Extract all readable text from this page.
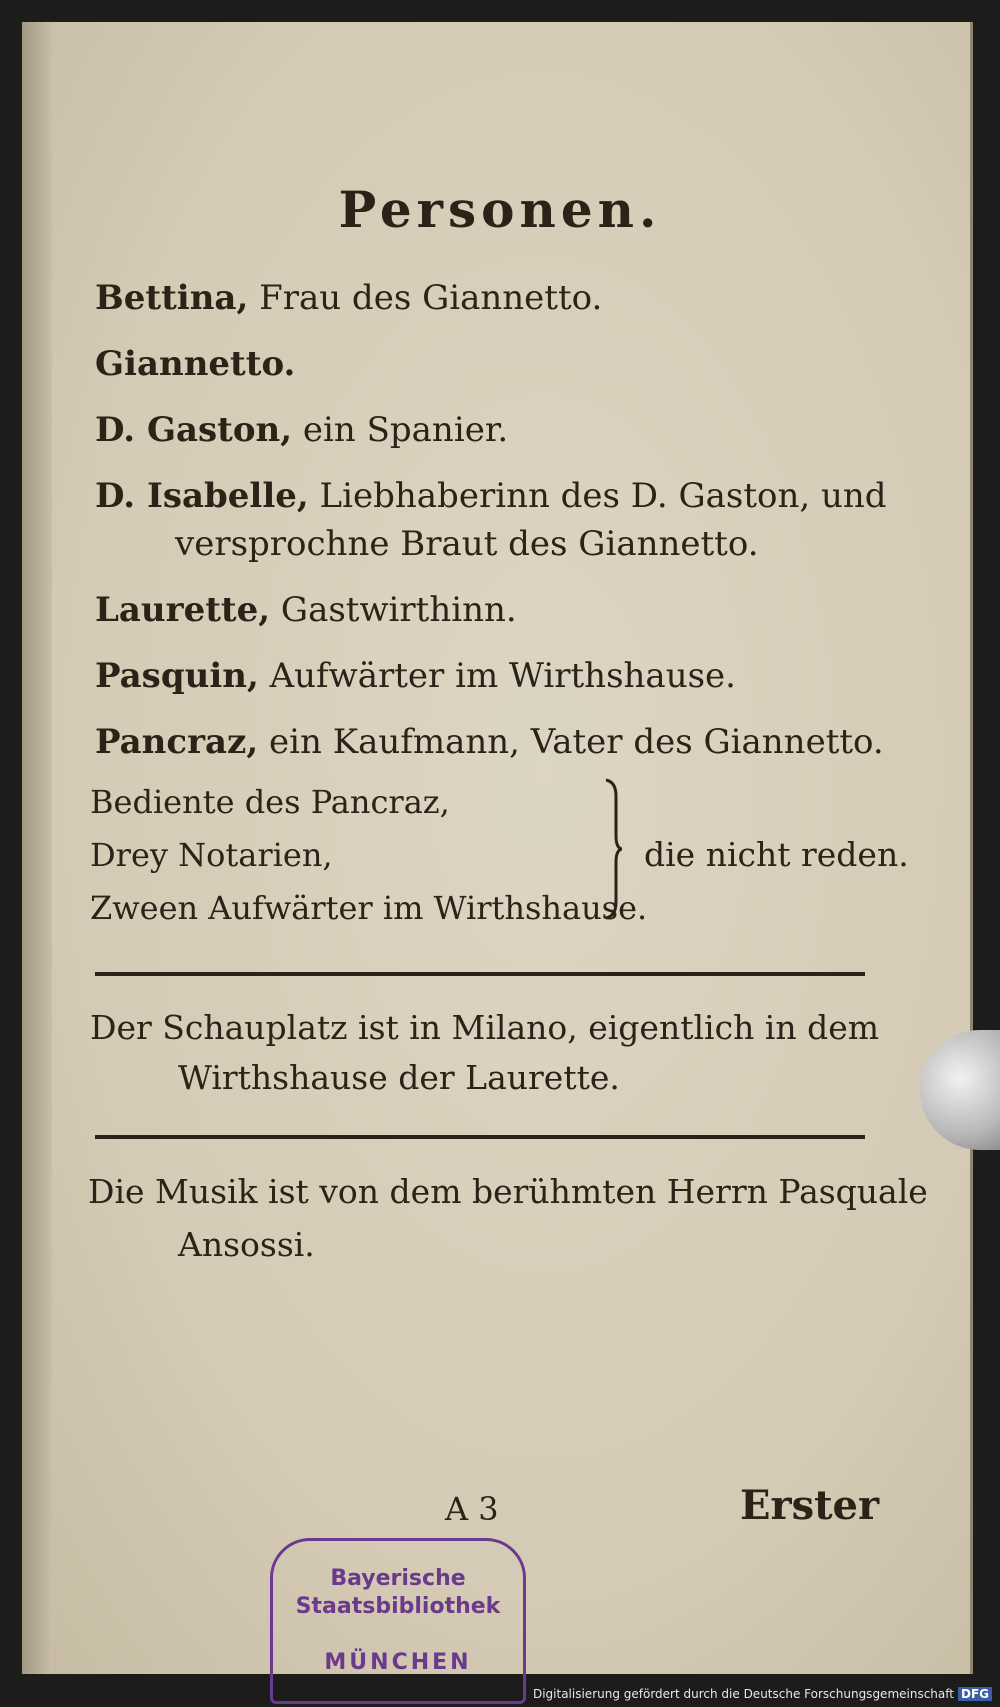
Personen.
Bettina, Frau des Giannetto.
Giannetto.
D. Gaston, ein Spanier.
D. Isabelle, Liebhaberinn des D. Gaston, und
versprochne Braut des Giannetto.
Laurette, Gastwirthinn.
Pasquin, Aufwärter im Wirthshause.
Pancraz, ein Kaufmann, Vater des Giannetto.
Bediente des Pancraz,
Drey Notarien,
Zween Aufwärter im Wirthshause.
die nicht reden.
Der Schauplatz ist in Milano, eigentlich in dem
Wirthshause der Laurette.
Die Musik ist von dem berühmten Herrn Pasquale
Ansossi.
A 3	Erster
Bayerische
Staatsbibliothek
MÜNCHEN
Digitalisierung gefördert durch die Deutsche Forschungsgemeinschaft DFG
